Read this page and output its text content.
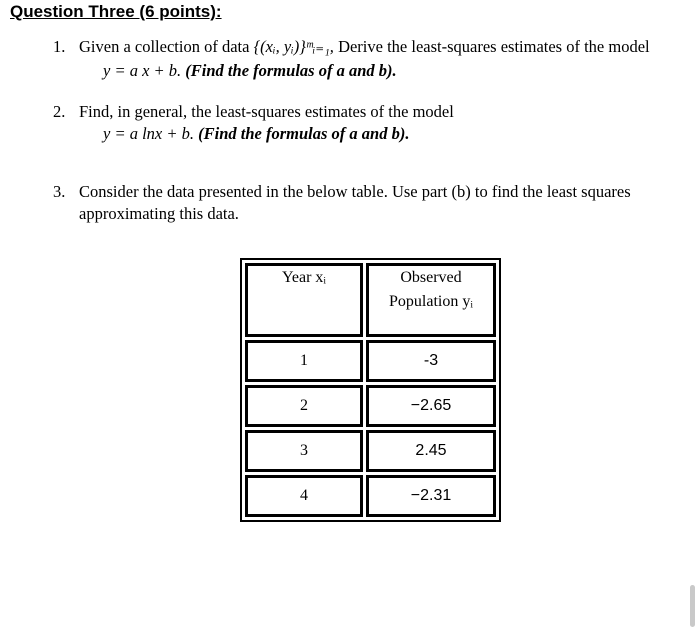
Question Three (6 points):
1. Given a collection of data {(xᵢ, yᵢ)}ᵐᵢ₌₁, Derive the least-squares estimates of the model
y = a x + b. (Find the formulas of a and b).
2. Find, in general, the least-squares estimates of the model
y = a lnx + b. (Find the formulas of a and b).
3. Consider the data presented in the below table. Use part (b) to find the least squares
approximating this data.
Year xᵢ	Observed
Population yᵢ

1	-3
2	−2.65
3	2.45
4	−2.31
